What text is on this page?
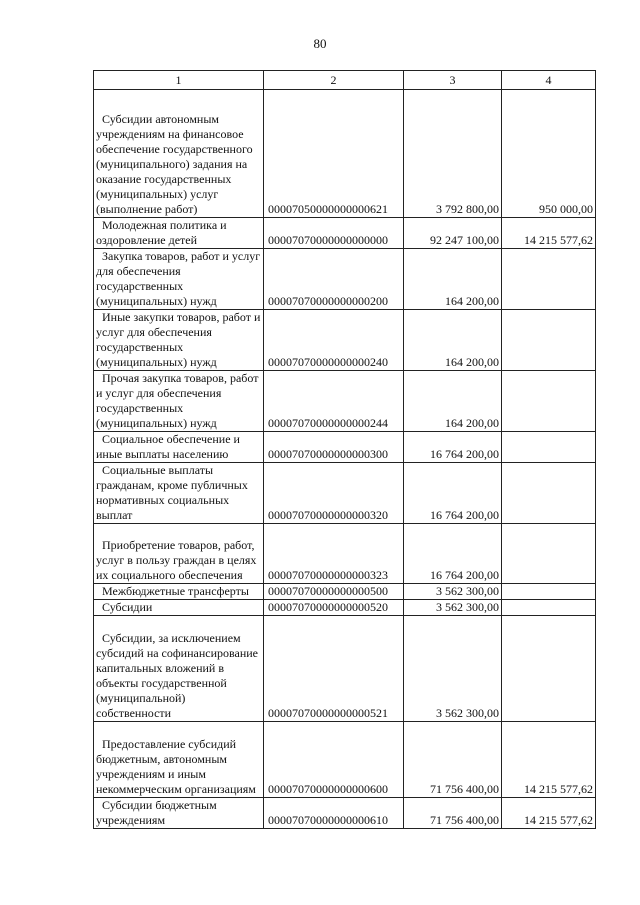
80
1	2	3	4
Субсидии автономным учреждениям на финансовое обеспечение государственного (муниципального) задания на оказание государственных (муниципальных) услуг (выполнение работ)	00007050000000000621	3 792 800,00	950 000,00
Молодежная политика и оздоровление детей	00007070000000000000	92 247 100,00	14 215 577,62
Закупка товаров, работ и услуг для обеспечения государственных (муниципальных) нужд	00007070000000000200	164 200,00	
Иные закупки товаров, работ и услуг для обеспечения государственных (муниципальных) нужд	00007070000000000240	164 200,00	
Прочая закупка товаров, работ и услуг для обеспечения государственных (муниципальных) нужд	00007070000000000244	164 200,00	
Социальное обеспечение и иные выплаты населению	00007070000000000300	16 764 200,00	
Социальные выплаты гражданам, кроме публичных нормативных социальных выплат	00007070000000000320	16 764 200,00	
Приобретение товаров, работ, услуг в пользу граждан в целях их социального обеспечения	00007070000000000323	16 764 200,00	
Межбюджетные трансферты	00007070000000000500	3 562 300,00	
Субсидии	00007070000000000520	3 562 300,00	
Субсидии, за исключением субсидий на софинансирование капитальных вложений в объекты государственной (муниципальной) собственности	00007070000000000521	3 562 300,00	
Предоставление субсидий бюджетным, автономным учреждениям и иным некоммерческим организациям	00007070000000000600	71 756 400,00	14 215 577,62
Субсидии бюджетным учреждениям	00007070000000000610	71 756 400,00	14 215 577,62
